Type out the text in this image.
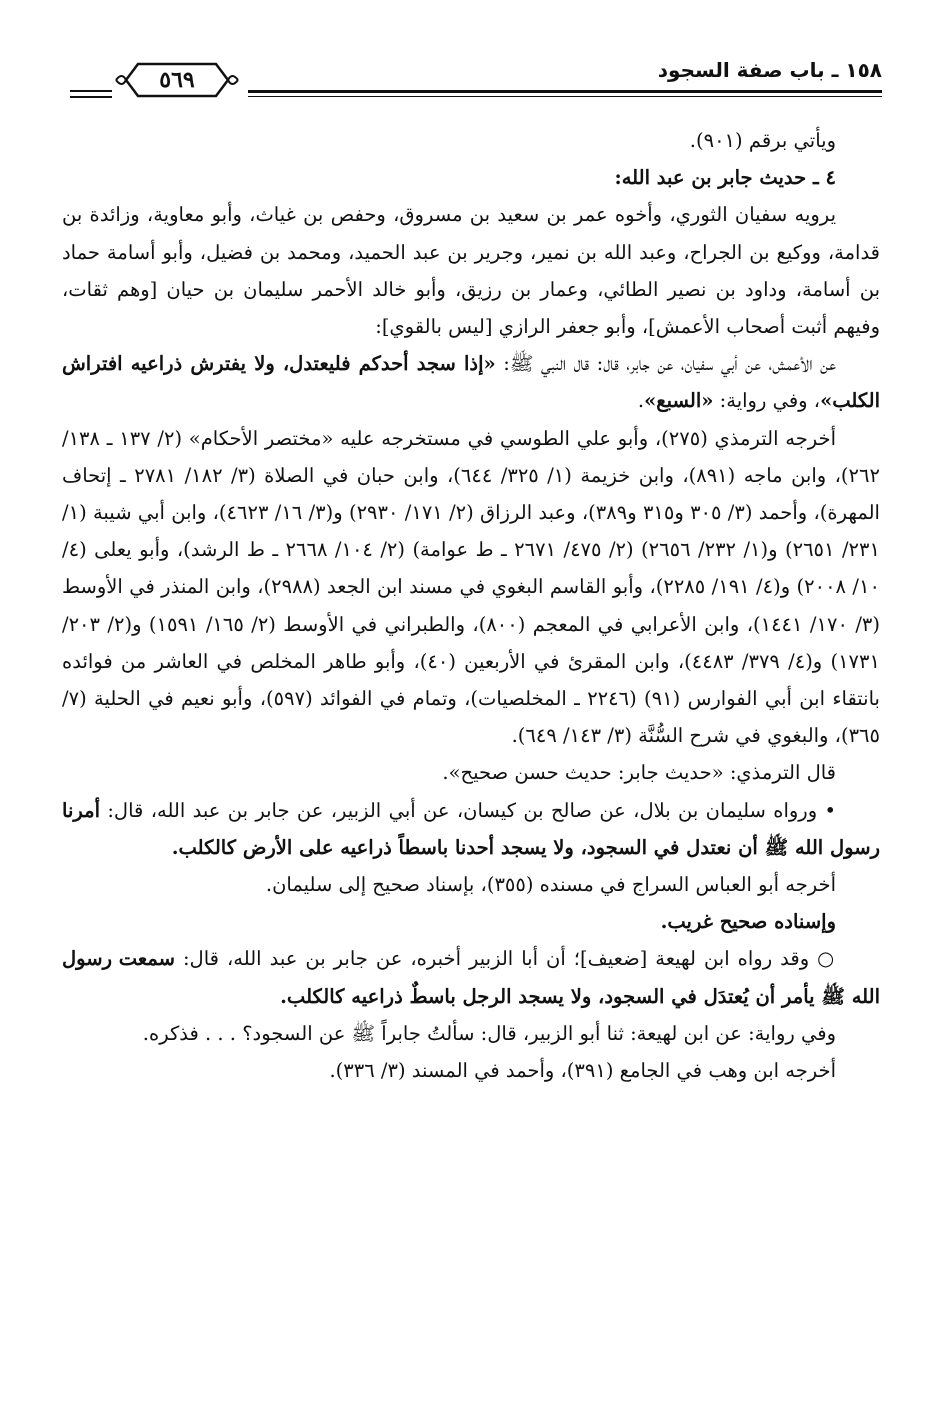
٥٦٩	١٥٨ ـ باب صفة السجود

ويأتي برقم (٩٠١).

٤ ـ حديث جابر بن عبد الله:

يرويه سفيان الثوري، وأخوه عمر بن سعيد بن مسروق، وحفص بن غياث، وأبو معاوية، وزائدة بن قدامة، ووكيع بن الجراح، وعبد الله بن نمير، وجرير بن عبد الحميد، ومحمد بن فضيل، وأبو أسامة حماد بن أسامة، وداود بن نصير الطائي، وعمار بن رزيق، وأبو خالد الأحمر سليمان بن حيان [وهم ثقات، وفيهم أثبت أصحاب الأعمش]، وأبو جعفر الرازي [ليس بالقوي]:

عن الأعمش، عن أبي سفيان، عن جابر، قال: قال النبي ﷺ: «إذا سجد أحدكم فليعتدل، ولا يفترش ذراعيه افتراش الكلب»، وفي رواية: «السبع».

أخرجه الترمذي (٢٧٥)، وأبو علي الطوسي في مستخرجه عليه «مختصر الأحكام» (٢/ ١٣٧ ـ ١٣٨/ ٢٦٢)، وابن ماجه (٨٩١)، وابن خزيمة (١/ ٣٢٥/ ٦٤٤)، وابن حبان في الصلاة (٣/ ١٨٢/ ٢٧٨١ ـ إتحاف المهرة)، وأحمد (٣/ ٣٠٥ و٣١٥ و٣٨٩)، وعبد الرزاق (٢/ ١٧١/ ٢٩٣٠) و(٣/ ١٦/ ٤٦٢٣)، وابن أبي شيبة (١/ ٢٣١/ ٢٦٥١) و(١/ ٢٣٢/ ٢٦٥٦) (٢/ ٤٧٥/ ٢٦٧١ ـ ط عوامة) (٢/ ١٠٤/ ٢٦٦٨ ـ ط الرشد)، وأبو يعلى (٤/ ١٠/ ٢٠٠٨) و(٤/ ١٩١/ ٢٢٨٥)، وأبو القاسم البغوي في مسند ابن الجعد (٢٩٨٨)، وابن المنذر في الأوسط (٣/ ١٧٠/ ١٤٤١)، وابن الأعرابي في المعجم (٨٠٠)، والطبراني في الأوسط (٢/ ١٦٥/ ١٥٩١) و(٢/ ٢٠٣/ ١٧٣١) و(٤/ ٣٧٩/ ٤٤٨٣)، وابن المقرئ في الأربعين (٤٠)، وأبو طاهر المخلص في العاشر من فوائده بانتقاء ابن أبي الفوارس (٩١) (٢٢٤٦ ـ المخلصيات)، وتمام في الفوائد (٥٩٧)، وأبو نعيم في الحلية (٧/ ٣٦٥)، والبغوي في شرح السُّنَّة (٣/ ١٤٣/ ٦٤٩).

قال الترمذي: «حديث جابر: حديث حسن صحيح».

• ورواه سليمان بن بلال، عن صالح بن كيسان، عن أبي الزبير، عن جابر بن عبد الله، قال: أمرنا رسول الله ﷺ أن نعتدل في السجود، ولا يسجد أحدنا باسطاً ذراعيه على الأرض كالكلب.

أخرجه أبو العباس السراج في مسنده (٣٥٥)، بإسناد صحيح إلى سليمان.

وإسناده صحيح غريب.

○ وقد رواه ابن لهيعة [ضعيف]؛ أن أبا الزبير أخبره، عن جابر بن عبد الله، قال: سمعت رسول الله ﷺ يأمر أن يُعتدَل في السجود، ولا يسجد الرجل باسطٌ ذراعيه كالكلب.

وفي رواية: عن ابن لهيعة: ثنا أبو الزبير، قال: سألتُ جابراً ﷺ عن السجود؟ . . . فذكره.

أخرجه ابن وهب في الجامع (٣٩١)، وأحمد في المسند (٣/ ٣٣٦).
